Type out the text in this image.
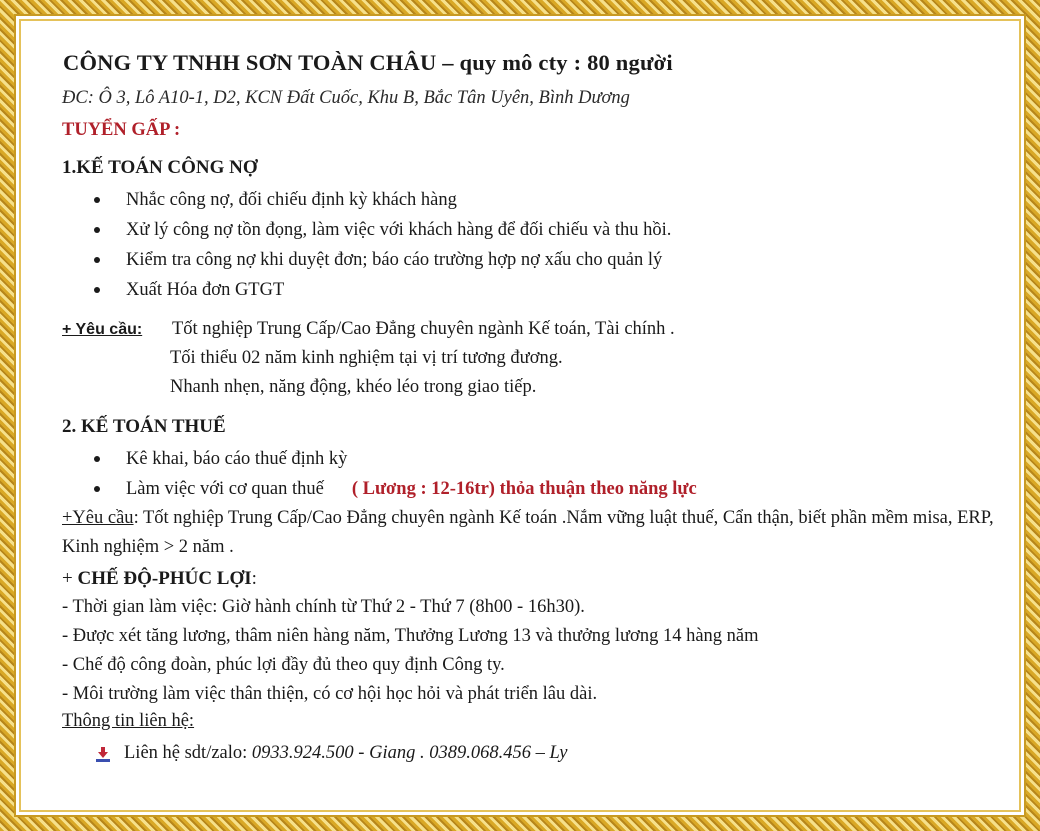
CÔNG TY TNHH SƠN TOÀN CHÂU – quy mô cty : 80 người
ĐC: Ô 3, Lô A10-1, D2, KCN Đất Cuốc, Khu B, Bắc Tân Uyên, Bình Dương
TUYỂN GẤP :
1.KẾ TOÁN CÔNG NỢ
Nhắc công nợ, đối chiếu định kỳ khách hàng
Xử lý công nợ tồn đọng, làm việc với khách hàng để đối chiếu và thu hồi.
Kiểm tra công nợ khi duyệt đơn; báo cáo trường hợp nợ xấu cho quản lý
Xuất Hóa đơn GTGT
+ Yêu cầu: Tốt nghiệp Trung Cấp/Cao Đẳng chuyên ngành Kế toán, Tài chính .
Tối thiểu 02 năm kinh nghiệm tại vị trí tương đương.
Nhanh nhẹn, năng động, khéo léo trong giao tiếp.
2. KẾ TOÁN THUẾ
Kê khai, báo cáo thuế định kỳ
Làm việc với cơ quan thuế ( Lương : 12-16tr) thỏa thuận theo năng lực
+Yêu cầu: Tốt nghiệp Trung Cấp/Cao Đẳng chuyên ngành Kế toán .Nắm vững luật thuế, Cẩn thận, biết phần mềm misa, ERP, Kinh nghiệm > 2 năm .
+ CHẾ ĐỘ-PHÚC LỢI:
- Thời gian làm việc: Giờ hành chính từ Thứ 2 - Thứ 7 (8h00 - 16h30).
- Được xét tăng lương, thâm niên hàng năm, Thưởng Lương 13 và thưởng lương 14 hàng năm
- Chế độ công đoàn, phúc lợi đầy đủ theo quy định Công ty.
- Môi trường làm việc thân thiện, có cơ hội học hỏi và phát triển lâu dài.
Thông tin liên hệ:
Liên hệ sdt/zalo: 0933.924.500 - Giang . 0389.068.456 – Ly
